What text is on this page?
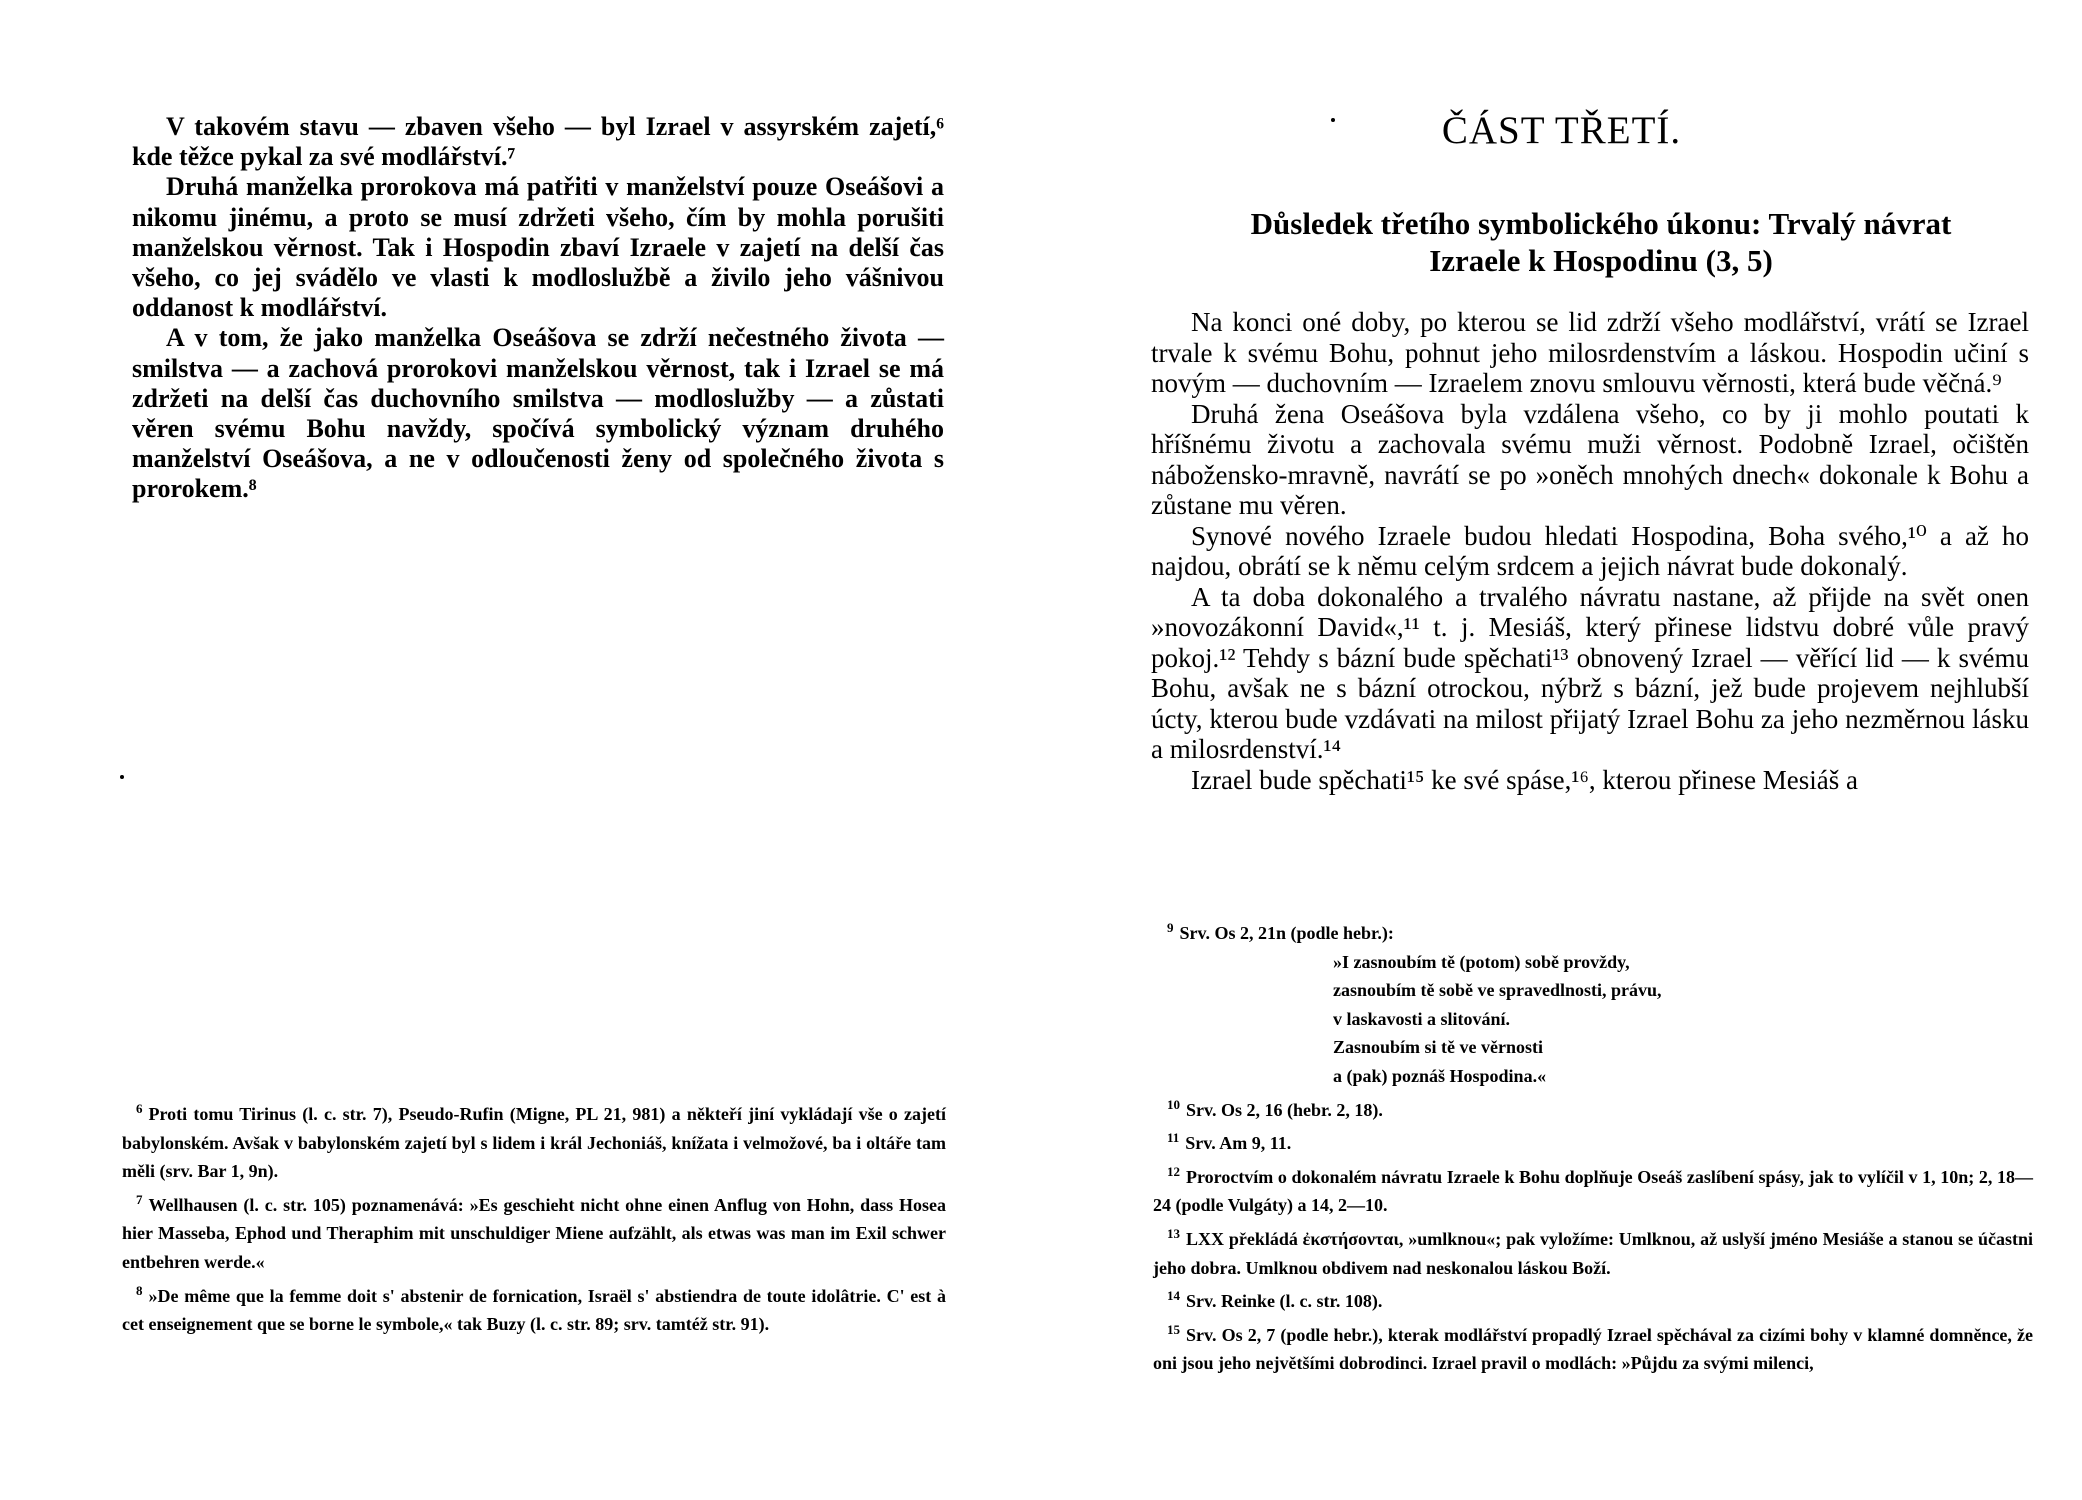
V takovém stavu — zbaven všeho — byl Izrael v assyrském zajetí,⁶ kde těžce pykal za své modlářství.⁷

Druhá manželka prorokova má patřiti v manželství pouze Oseášovi a nikomu jinému, a proto se musí zdržeti všeho, čím by mohla porušiti manželskou věrnost. Tak i Hospodin zbaví Izraele v zajetí na delší čas všeho, co jej svádělo ve vlasti k modloslužbě a živilo jeho vášnivou oddanost k modlářství.

A v tom, že jako manželka Oseášova se zdrží nečestného života — smilstva — a zachová prorokovi manželskou věrnost, tak i Izrael se má zdržeti na delší čas duchovního smilstva — modloslužby — a zůstati věren svému Bohu navždy, spočívá symbolický význam druhého manželství Oseášova, a ne v odloučenosti ženy od společného života s prorokem.⁸

$^6$ Proti tomu Tirinus (l. c. str. 7), Pseudo-Rufin (Migne, PL 21, 981) a někteří jiní vykládají vše o zajetí babylonském. Avšak v babylonském zajetí byl s lidem i král Jechoniáš, knížata i velmožové, ba i oltáře tam měli (srv. Bar 1, 9n).

$^7$ Wellhausen (l. c. str. 105) poznamenává: »Es geschieht nicht ohne einen Anflug von Hohn, dass Hosea hier Masseba, Ephod und Theraphim mit unschuldiger Miene aufzählt, als etwas was man im Exil schwer entbehren werde.«

$^8$ »De même que la femme doit s' abstenir de fornication, Israël s' abstiendra de toute idolâtrie. C' est à cet enseignement que se borne le symbole,« tak Buzy (l. c. str. 89; srv. tamtéž str. 91).

ČÁST TŘETÍ.
Důsledek třetího symbolického úkonu: Trvalý návrat
Izraele k Hospodinu (3, 5)

Na konci oné doby, po kterou se lid zdrží všeho modlářství, vrátí se Izrael trvale k svému Bohu, pohnut jeho milosrdenstvím a láskou. Hospodin učiní s novým — duchovním — Izraelem znovu smlouvu věrnosti, která bude věčná.⁹

Druhá žena Oseášova byla vzdálena všeho, co by ji mohlo poutati k hříšnému životu a zachovala svému muži věrnost. Podobně Izrael, očištěn nábožensko-mravně, navrátí se po »oněch mnohých dnech« dokonale k Bohu a zůstane mu věren.

Synové nového Izraele budou hledati Hospodina, Boha svého,¹⁰ a až ho najdou, obrátí se k němu celým srdcem a jejich návrat bude dokonalý.

A ta doba dokonalého a trvalého návratu nastane, až přijde na svět onen »novozákonní David«,¹¹ t. j. Mesiáš, který přinese lidstvu dobré vůle pravý pokoj.¹² Tehdy s bázní bude spěchati¹³ obnovený Izrael — věřící lid — k svému Bohu, avšak ne s bázní otrockou, nýbrž s bázní, jež bude projevem nejhlubší úcty, kterou bude vzdávati na milost přijatý Izrael Bohu za jeho nezměrnou lásku a milosrdenství.¹⁴

Izrael bude spěchati¹⁵ ke své spáse,¹⁶, kterou přinese Mesiáš a

$^9$ Srv. Os 2, 21n (podle hebr.):

»I zasnoubím tě (potom) sobě provždy,

zasnoubím tě sobě ve spravedlnosti, právu,

v laskavosti a slitování.

Zasnoubím si tě ve věrnosti

a (pak) poznáš Hospodina.«

$^{10}$ Srv. Os 2, 16 (hebr. 2, 18).

$^{11}$ Srv. Am 9, 11.

$^{12}$ Proroctvím o dokonalém návratu Izraele k Bohu doplňuje Oseáš zaslíbení spásy, jak to vylíčil v 1, 10n; 2, 18—24 (podle Vulgáty) a 14, 2—10.

$^{13}$ LXX překládá ἐκστήσονται, »umlknou«; pak vyložíme: Umlknou, až uslyší jméno Mesiáše a stanou se účastni jeho dobra. Umlknou obdivem nad neskonalou láskou Boží.

$^{14}$ Srv. Reinke (l. c. str. 108).

$^{15}$ Srv. Os 2, 7 (podle hebr.), kterak modlářství propadlý Izrael spěchával za cizími bohy v klamné domněnce, že oni jsou jeho největšími dobrodinci. Izrael pravil o modlách: »Půjdu za svými milenci,
